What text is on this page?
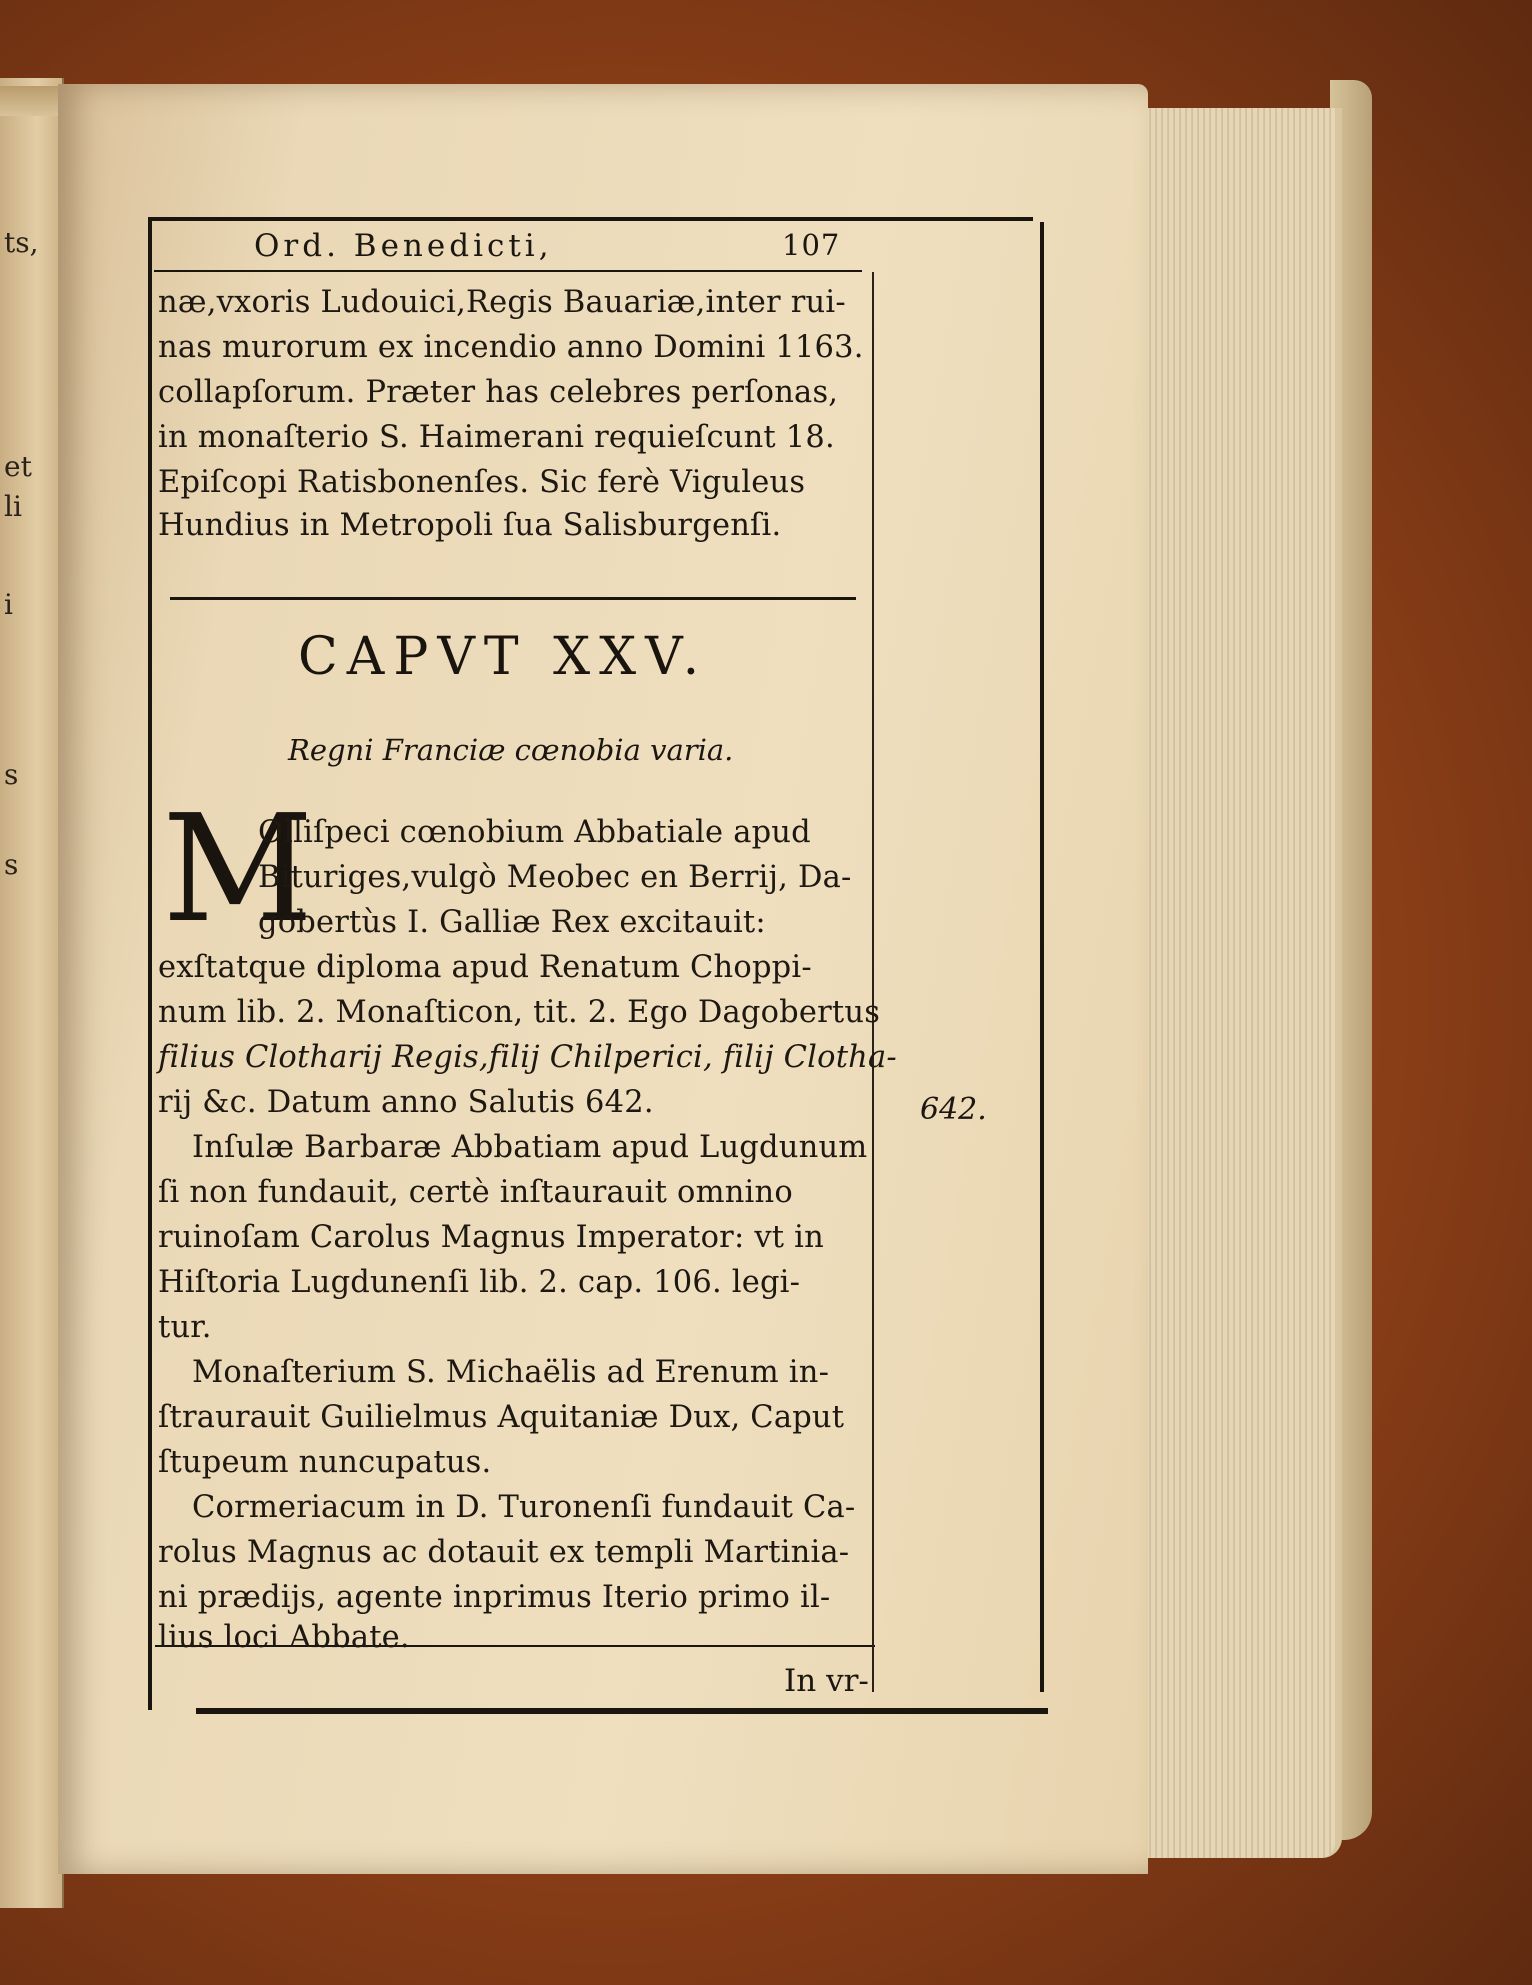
ts,
et
li
i
s
s
Ord. Benedicti,	107
næ,vxoris Ludouici,Regis Bauariæ,inter rui-
nas murorum ex incendio anno Domini 1163.
collapſorum. Præter has celebres perſonas,
in monaſterio S. Haimerani requieſcunt 18.
Epiſcopi Ratisbonenſes. Sic ferè Viguleus
Hundius in Metropoli ſua Salisburgenſi.
CAPVT XXV.
Regni Franciæ cœnobia varia.
M
Olliſpeci cœnobium Abbatiale apud
Bituriges,vulgò Meobec en Berrij, Da-
gobertùs I. Galliæ Rex excitauit:
exſtatque diploma apud Renatum Choppi-
num lib. 2. Monaſticon, tit. 2. Ego Dagobertus
filius Clotharij Regis,filij Chilperici, filij Clotha-
rij &c. Datum anno Salutis 642.	642.
Inſulæ Barbaræ Abbatiam apud Lugdunum
ſi non fundauit, certè inſtaurauit omnino
ruinoſam Carolus Magnus Imperator: vt in
Hiſtoria Lugdunenſi lib. 2. cap. 106. legi-
tur.
Monaſterium S. Michaëlis ad Erenum in-
ſtraurauit Guilielmus Aquitaniæ Dux, Caput
ſtupeum nuncupatus.
Cormeriacum in D. Turonenſi fundauit Ca-
rolus Magnus ac dotauit ex templi Martinia-
ni prædijs, agente inprimus Iterio primo il-
lius loci Abbate.
In vr-
